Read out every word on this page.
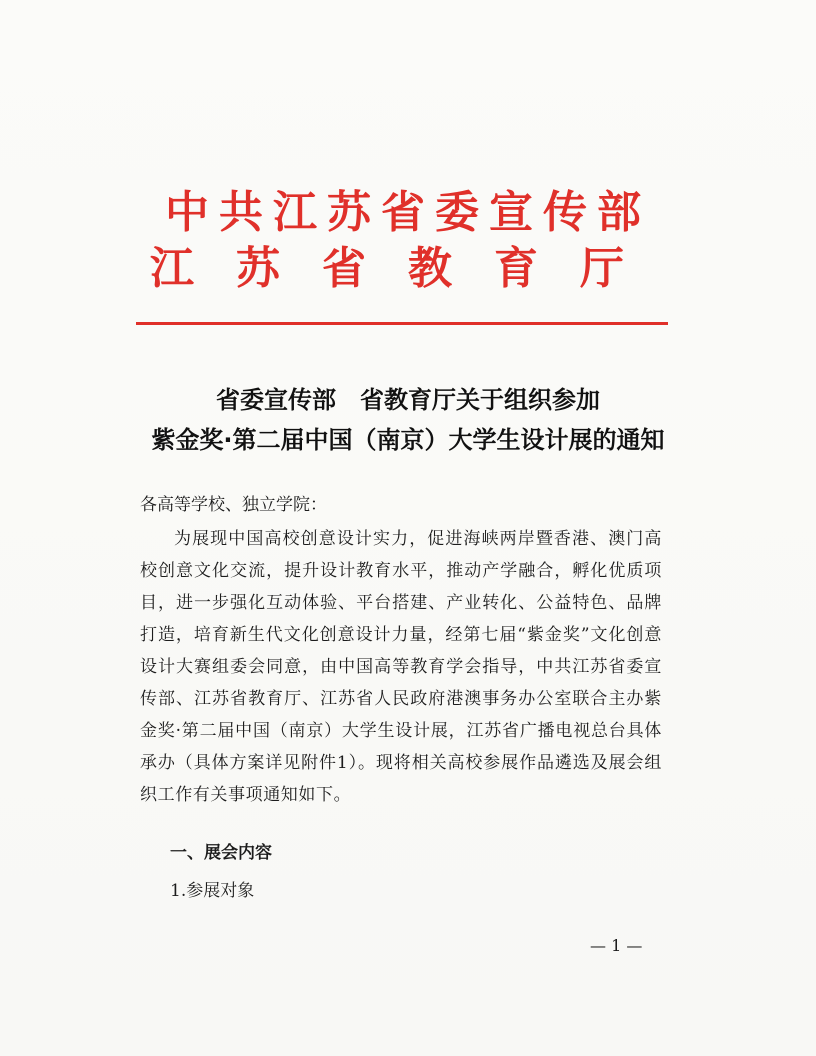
中共江苏省委宣传部
江苏省教育厅
省委宣传部　省教育厅关于组织参加
紫金奖·第二届中国（南京）大学生设计展的通知
各高等学校、独立学院：
为展现中国高校创意设计实力，促进海峡两岸暨香港、澳门高校创意文化交流，提升设计教育水平，推动产学融合，孵化优质项目，进一步强化互动体验、平台搭建、产业转化、公益特色、品牌打造，培育新生代文化创意设计力量，经第七届“紫金奖”文化创意设计大赛组委会同意，由中国高等教育学会指导，中共江苏省委宣传部、江苏省教育厅、江苏省人民政府港澳事务办公室联合主办紫金奖·第二届中国（南京）大学生设计展，江苏省广播电视总台具体承办（具体方案详见附件1）。现将相关高校参展作品遴选及展会组织工作有关事项通知如下。
一、展会内容
1.参展对象
— 1 —
